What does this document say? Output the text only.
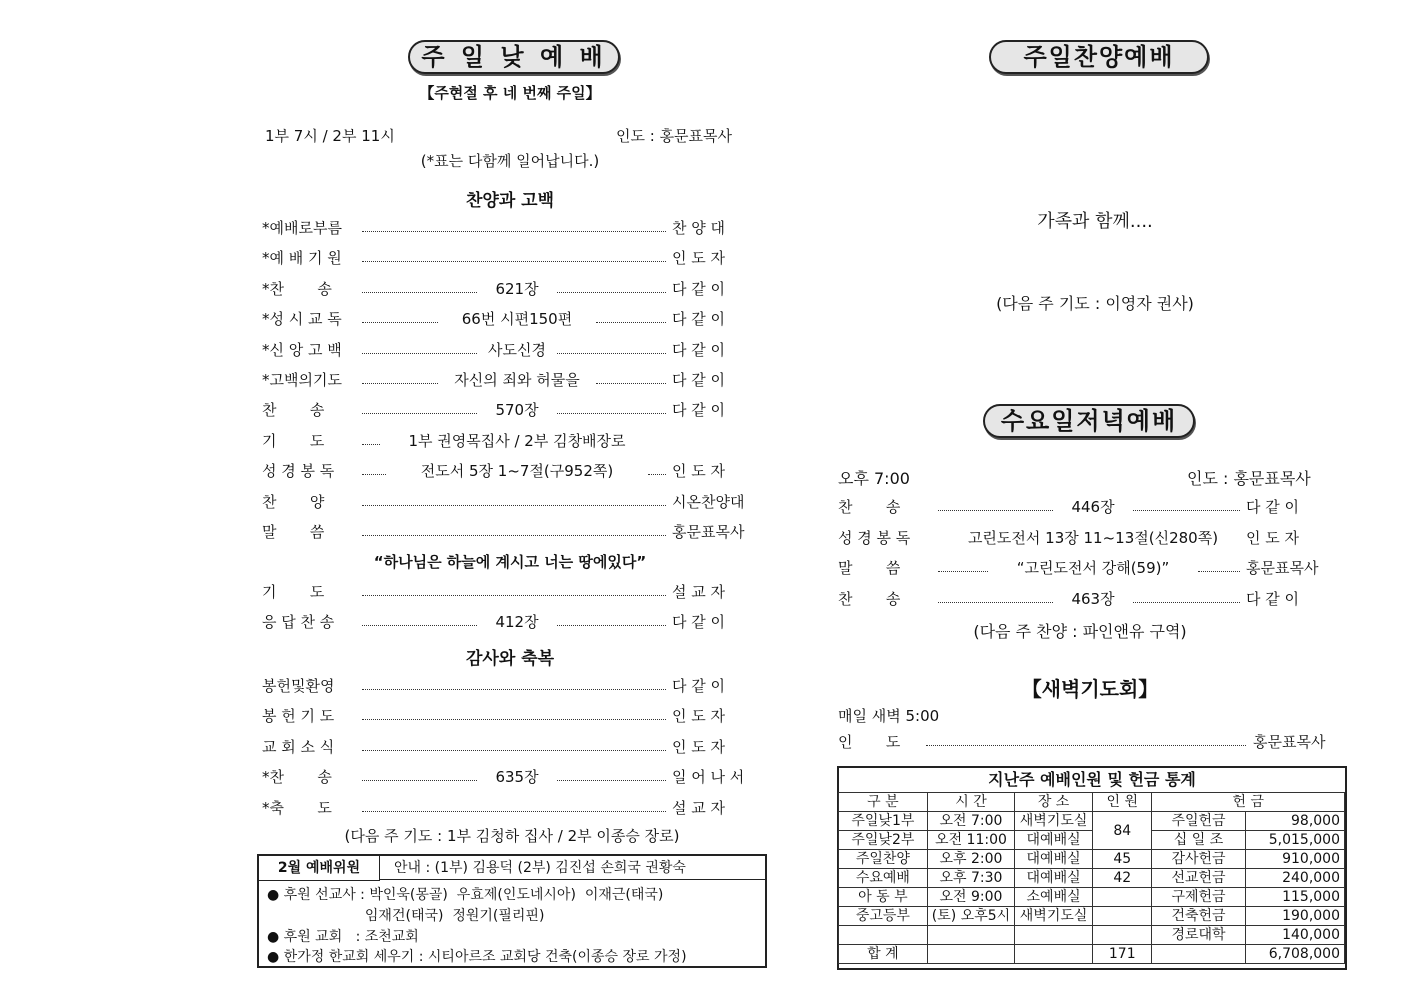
주 일 낮 예 배
【주현절 후 네 번째 주일】
1부 7시 / 2부 11시	인도 : 홍문표목사
(*표는 다함께 일어납니다.)
찬양과 고백
*예배로부름	찬 양 대
*예 배 기 원	인 도 자
*찬       송	621장	다 같 이
*성 시 교 독	66번 시편150편	다 같 이
*신 앙 고 백	사도신경	다 같 이
*고백의기도	자신의 죄와 허물을	다 같 이
찬       송	570장	다 같 이
기       도	1부 권영목집사 / 2부 김창배장로
성 경 봉 독	전도서 5장 1~7절(구952쪽)	인 도 자
찬       양	시온찬양대
말       씀	홍문표목사
“하나님은 하늘에 계시고 너는 땅에있다”
기       도	설 교 자
응 답 찬 송	412장	다 같 이
감사와 축복
봉헌및환영	다 같 이
봉 헌 기 도	인 도 자
교 회 소 식	인 도 자
*찬       송	635장	일 어 나 서
*축       도	설 교 자
(다음 주 기도 : 1부 김청하 집사 / 2부 이종승 장로)
2월 예배위원	안내 : (1부) 김용덕 (2부) 김진섭 손희국 권황숙
● 후원 선교사 : 박인욱(몽골)  우효제(인도네시아)  이재근(태국)
임재건(태국)  정원기(필리핀)
● 후원 교회   : 조천교회
● 한가정 한교회 세우기 : 시티아르조 교회당 건축(이종승 장로 가정)
주일찬양예배
가족과 함께....
(다음 주 기도 : 이영자 권사)
수요일저녁예배
오후 7:00	인도 : 홍문표목사
찬       송	446장	다 같 이
성 경 봉 독	고린도전서 13장 11~13절(신280쪽)	인 도 자
말       씀	“고린도전서 강해(59)”	홍문표목사
찬       송	463장	다 같 이
(다음 주 찬양 : 파인앤유 구역)
【새벽기도회】
매일 새벽 5:00
인       도	홍문표목사
지난주 예배인원 및 헌금 통계
구 분	시 간	장 소	인 원	헌 금	
주일낮1부	오전 7:00	새벽기도실	84	주일헌금	98,000
주일낮2부	오전 11:00	대예배실		십 일 조	5,015,000
주일찬양	오후 2:00	대예배실	45	감사헌금	910,000
수요예배	오후 7:30	대예배실	42	선교헌금	240,000
아 동 부	오전 9:00	소예배실		구제헌금	115,000
중고등부	(토) 오후5시	새벽기도실		건축헌금	190,000
				경로대학	140,000
합 계			171		6,708,000
